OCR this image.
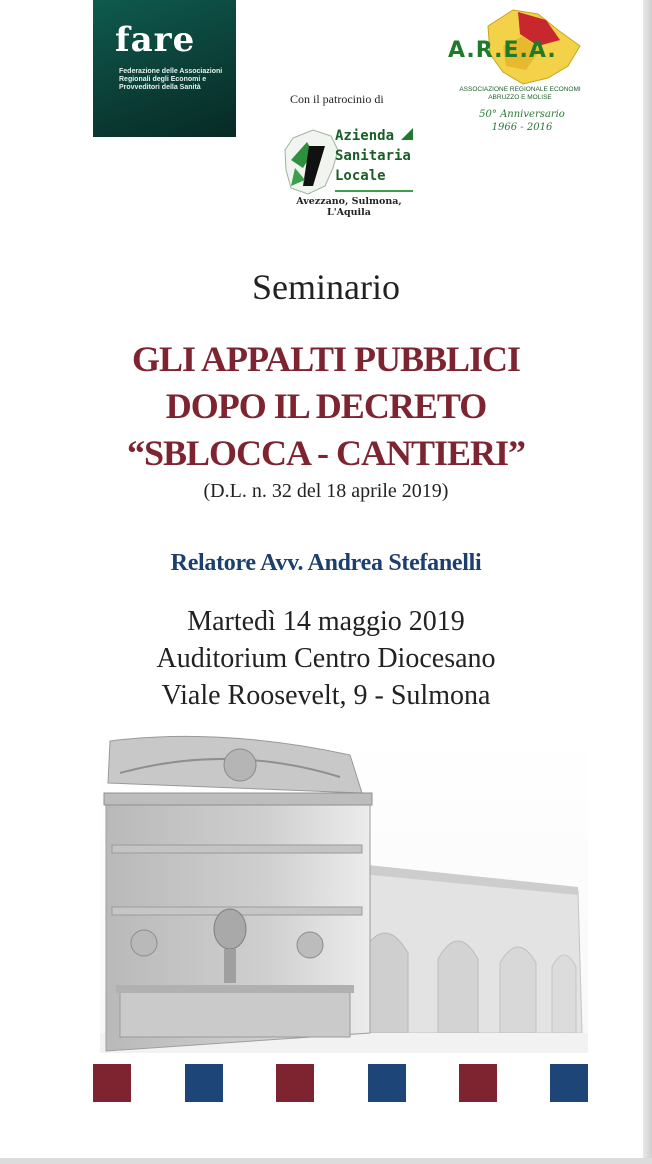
fare
Federazione delle Associazioni Regionali degli Economi e Provveditori della Sanità
Con il patrocinio di
Azienda
Sanitaria
Locale
Avezzano, Sulmona,
L'Aquila
A.R.E.A.
ASSOCIAZIONE REGIONALE ECONOMI
ABRUZZO E MOLISE
50° Anniversario
1966 - 2016
Seminario
GLI APPALTI PUBBLICI
DOPO IL DECRETO
“SBLOCCA - CANTIERI”
(D.L. n. 32 del 18 aprile 2019)
Relatore Avv. Andrea Stefanelli
Martedì 14 maggio 2019
Auditorium Centro Diocesano
Viale Roosevelt, 9 - Sulmona
